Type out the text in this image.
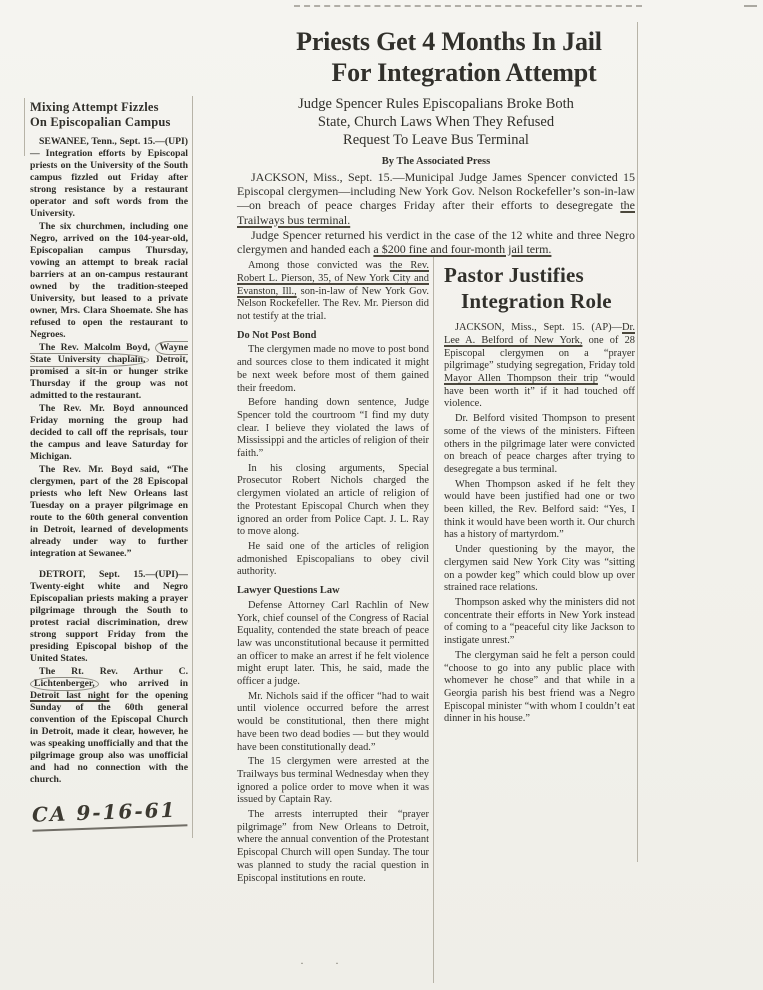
· ·
Mixing Attempt Fizzles
On Episcopalian Campus

SEWANEE, Tenn., Sept. 15.—(UPI)— Integration efforts by Episcopal priests on the University of the South campus fizzled out Friday after strong resistance by a restaurant operator and soft words from the University.

The six churchmen, including one Negro, arrived on the 104-year-old, Episcopalian campus Thursday, vowing an attempt to break racial barriers at an on-campus restaurant owned by the tradition-steeped University, but leased to a private owner, Mrs. Clara Shoemate. She has refused to open the restaurant to Negroes.

The Rev. Malcolm Boyd, Wayne State University chaplain, Detroit, promised a sit-in or hunger strike Thursday if the group was not admitted to the restaurant.

The Rev. Mr. Boyd announced Friday morning the group had decided to call off the reprisals, tour the campus and leave Saturday for Michigan.

The Rev. Mr. Boyd said, “The clergymen, part of the 28 Episcopal priests who left New Orleans last Tuesday on a prayer pilgrimage en route to the 60th general convention in Detroit, learned of developments already under way to further integration at Sewanee.”

DETROIT, Sept. 15.—(UPI)—Twenty-eight white and Negro Episcopalian priests making a prayer pilgrimage through the South to protest racial discrimination, drew strong support Friday from the presiding Episcopal bishop of the United States.

The Rt. Rev. Arthur C. Lichtenberger, who arrived in Detroit last night for the opening Sunday of the 60th general convention of the Episcopal Church in Detroit, made it clear, however, he was speaking unofficially and that the pilgrimage group also was unofficial and had no connection with the church.

CA 9-16-61
Priests Get 4 Months In Jail
For Integration Attempt
Judge Spencer Rules Episcopalians Broke Both
State, Church Laws When They Refused
Request To Leave Bus Terminal
By The Associated Press

JACKSON, Miss., Sept. 15.—Municipal Judge James Spencer convicted 15 Episcopal clergymen—including New York Gov. Nelson Rockefeller’s son-in-law—on breach of peace charges Friday after their efforts to desegregate the Trailways bus terminal.

Judge Spencer returned his verdict in the case of the 12 white and three Negro clergymen and handed each a $200 fine and four-month jail term.

Among those convicted was the Rev. Robert L. Pierson, 35, of New York City and Evanston, Ill., son-in-law of New York Gov. Nelson Rockefeller. The Rev. Mr. Pierson did not testify at the trial.

Do Not Post Bond

The clergymen made no move to post bond and sources close to them indicated it might be next week before most of them gained their freedom.

Before handing down sentence, Judge Spencer told the courtroom “I find my duty clear. I believe they violated the laws of Mississippi and the articles of religion of their faith.”

In his closing arguments, Special Prosecutor Robert Nichols charged the clergymen violated an article of religion of the Protestant Episcopal Church when they ignored an order from Police Capt. J. L. Ray to move along.

He said one of the articles of religion admonished Episcopalians to obey civil authority.

Lawyer Questions Law

Defense Attorney Carl Rachlin of New York, chief counsel of the Congress of Racial Equality, contended the state breach of peace law was unconstitutional because it permitted an officer to make an arrest if he felt violence might erupt later. This, he said, made the officer a judge.

Mr. Nichols said if the officer “had to wait until violence occurred before the arrest would be constitutional, then there might have been two dead bodies — but they would have been constitutionally dead.”

The 15 clergymen were arrested at the Trailways bus terminal Wednesday when they ignored a police order to move when it was issued by Captain Ray.

The arrests interrupted their “prayer pilgrimage” from New Orleans to Detroit, where the annual convention of the Protestant Episcopal Church will open Sunday. The tour was planned to study the racial question in Episcopal institutions en route.

Pastor Justifies
Integration Role

JACKSON, Miss., Sept. 15. (AP)—Dr. Lee A. Belford of New York, one of 28 Episcopal clergymen on a “prayer pilgrimage” studying segregation, Friday told Mayor Allen Thompson their trip “would have been worth it” if it had touched off violence.

Dr. Belford visited Thompson to present some of the views of the ministers. Fifteen others in the pilgrimage later were convicted on breach of peace charges after trying to desegregate a bus terminal.

When Thompson asked if he felt they would have been justified had one or two been killed, the Rev. Belford said: “Yes, I think it would have been worth it. Our church has a history of martyrdom.”

Under questioning by the mayor, the clergymen said New York City was “sitting on a powder keg” which could blow up over strained race relations.

Thompson asked why the ministers did not concentrate their efforts in New York instead of coming to a “peaceful city like Jackson to instigate unrest.”

The clergyman said he felt a person could “choose to go into any public place with whomever he chose” and that while in a Georgia parish his best friend was a Negro Episcopal minister “with whom I couldn’t eat dinner in his house.”
